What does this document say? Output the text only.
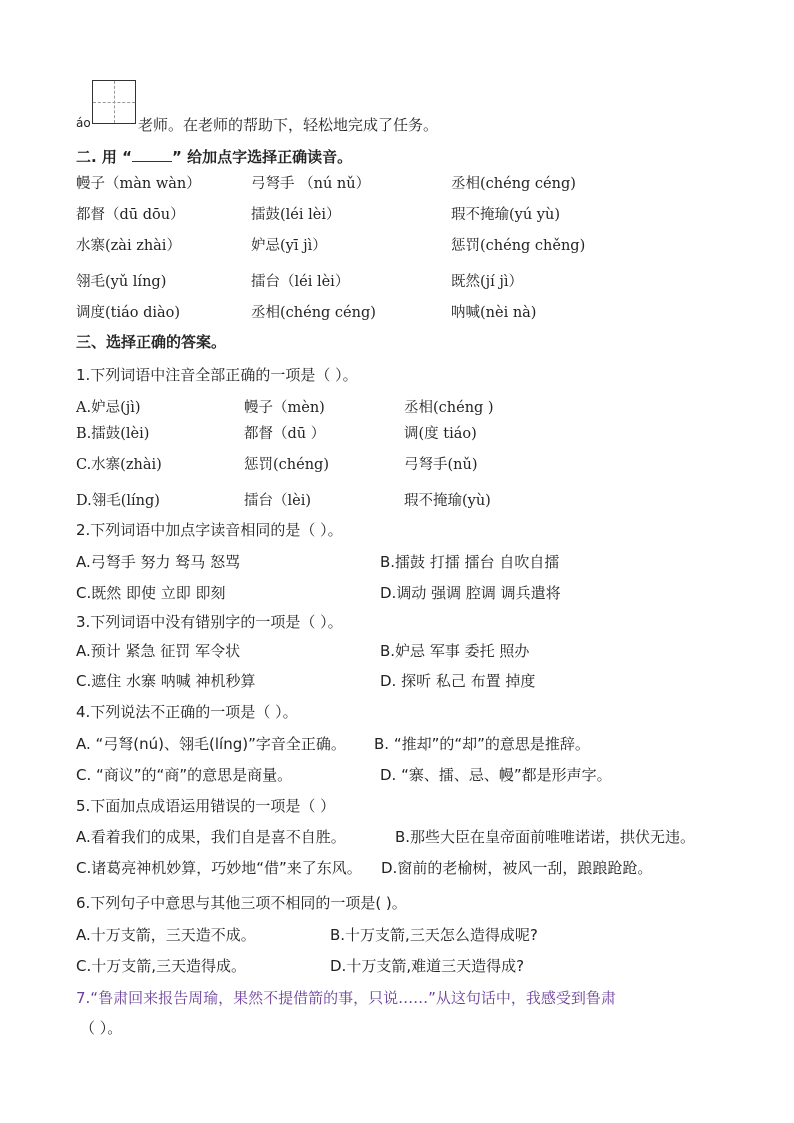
áo	老师。在老师的帮助下，轻松地完成了任务。
二. 用 “	” 给加点字选择正确读音。
幔子（màn wàn）	弓弩手 （nú nǔ）	丞相(chéng céng)
都督（dū dōu）	擂鼓(léi lèi）	瑕不掩瑜(yú yù)
水寨(zài zhài）	妒忌(yī jì）	惩罚(chéng chěng)
翎毛(yǔ líng)	擂台（léi lèi）	既然(jí jì）
调度(tiáo diào)	丞相(chéng céng)	呐喊(nèi nà)
三、选择正确的答案。
1.下列词语中注音全部正确的一项是（ ）。
A.妒忌(jì)	幔子（mèn)	丞相(chéng )
B.擂鼓(lèi)	都督（dū ）	调(度 tiáo)
C.水寨(zhài)	惩罚(chéng)	弓弩手(nǔ)
D.翎毛(líng)	擂台（lèi)	瑕不掩瑜(yù)
2.下列词语中加点字读音相同的是（ ）。
A.弓弩手 努力 驽马 怒骂	B.擂鼓 打擂 擂台 自吹自擂
C.既然 即使 立即 即刻	D.调动 强调 腔调 调兵遣将
3.下列词语中没有错别字的一项是（ ）。
A.预计 紧急 征罚 军令状	B.妒忌 军事 委托 照办
C.遮住 水寨 呐喊 神机秒算	D. 探听 私己 布置 掉度
4.下列说法不正确的一项是（ ）。
A. “弓弩(nú)、翎毛(líng)”字音全正确。 B. “推却”的“却”的意思是推辞。
C. “商议”的“商”的意思是商量。	D. “寨、擂、忌、幔”都是形声字。
5.下面加点成语运用错误的一项是（ ）
A.看着我们的成果，我们自是喜不自胜。	B.那些大臣在皇帝面前唯唯诺诺，拱伏无违。
C.诸葛亮神机妙算，巧妙地“借”来了东风。 D.窗前的老榆树，被风一刮，踉踉跄跄。
6.下列句子中意思与其他三项不相同的一项是( )。
A.十万支箭，三天造不成。	B.十万支箭,三天怎么造得成呢?
C.十万支箭,三天造得成。	D.十万支箭,难道三天造得成?
7.“鲁肃回来报告周瑜，果然不提借箭的事，只说……”从这句话中，我感受到鲁肃
（ ）。
